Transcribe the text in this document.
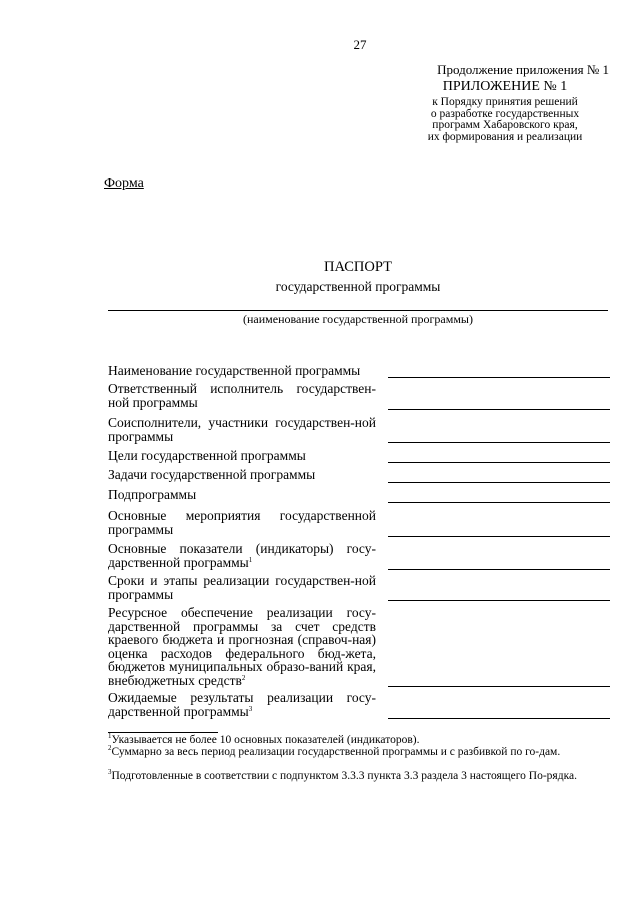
27
Продолжение приложения № 1
ПРИЛОЖЕНИЕ № 1
к Порядку принятия решений
о разработке государственных
программ Хабаровского края,
их формирования и реализации
Форма
ПАСПОРТ
государственной программы
(наименование государственной программы)
Наименование государственной программы
Ответственный исполнитель государствен-ной программы
Соисполнители, участники государствен-ной программы
Цели государственной программы
Задачи государственной программы
Подпрограммы
Основные мероприятия государственной программы
Основные показатели (индикаторы) госу-дарственной программы$^1$
Сроки и этапы реализации государствен-ной программы
Ресурсное обеспечение реализации госу-дарственной программы за счет средств краевого бюджета и прогнозная (справоч-ная) оценка расходов федерального бюд-жета, бюджетов муниципальных образо-ваний края, внебюджетных средств$^2$
Ожидаемые результаты реализации госу-дарственной программы$^3$
$^1$Указывается не более 10 основных показателей (индикаторов).
$^2$Суммарно за весь период реализации государственной программы и с разбивкой по го-дам.
$^3$Подготовленные в соответствии с подпунктом 3.3.3 пункта 3.3 раздела 3 настоящего По-рядка.
